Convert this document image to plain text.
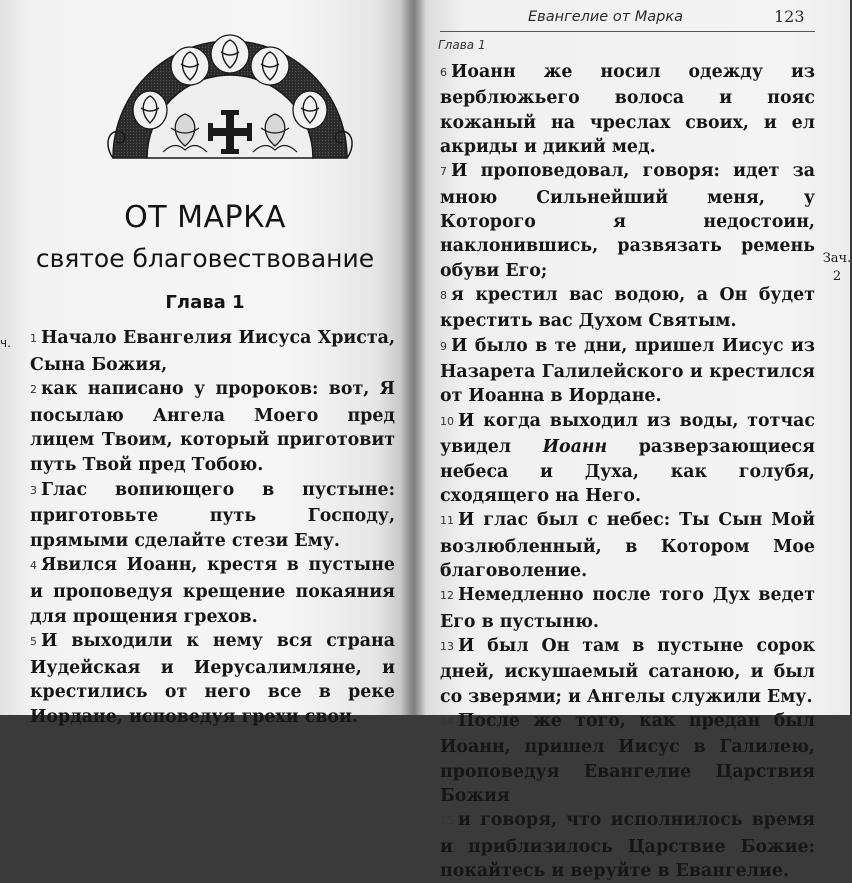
ОТ МАРКА
святое благовествование
Глава 1
ч. 1 Начало Евангелия Иисуса Христа, Сына Божия,
2 как написано у пророков: вот, Я посылаю Ангела Моего пред лицем Твоим, который приготовит путь Твой пред Тобою.
3 Глас вопиющего в пустыне: приготовьте путь Господу, прямыми сделайте стези Ему.
4 Явился Иоанн, крестя в пустыне и проповедуя крещение покаяния для прощения грехов.
5 И выходили к нему вся страна Иудейская и Иерусалимляне, и крестились от него все в реке Иордане, исповедуя грехи свои.
Евангелие от Марка	123
Глава 1
Зач.
2
6 Иоанн же носил одежду из верблюжьего волоса и пояс кожаный на чреслах своих, и ел акриды и дикий мед.
7 И проповедовал, говоря: идет за мною Сильнейший меня, у Которого я недостоин, наклонившись, развязать ремень обуви Его;
8 я крестил вас водою, а Он будет крестить вас Духом Святым.
9 И было в те дни, пришел Иисус из Назарета Галилейского и крестился от Иоанна в Иордане.
10 И когда выходил из воды, тотчас увидел Иоанн разверзающиеся небеса и Духа, как голубя, сходящего на Него.
11 И глас был с небес: Ты Сын Мой возлюбленный, в Котором Мое благоволение.
12 Немедленно после того Дух ведет Его в пустыню.
13 И был Он там в пустыне сорок дней, искушаемый сатаною, и был со зверями; и Ангелы служили Ему.
14 После же того, как предан был Иоанн, пришел Иисус в Галилею, проповедуя Евангелие Царствия Божия
15 и говоря, что исполнилось время и приблизилось Царствие Божие: покайтесь и веруйте в Евангелие.
